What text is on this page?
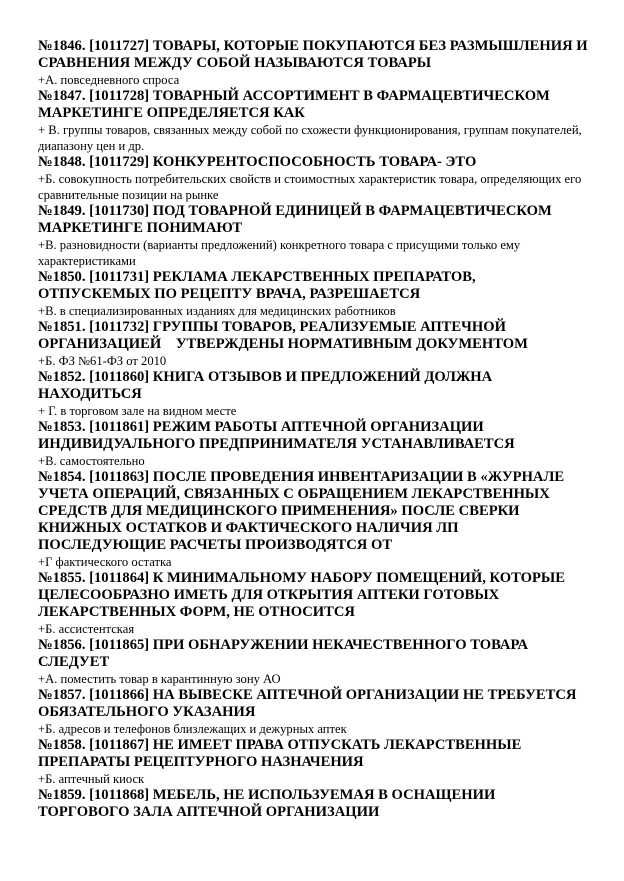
№1846. [1011727] ТОВАРЫ, КОТОРЫЕ ПОКУПАЮТСЯ БЕЗ РАЗМЫШЛЕНИЯ И СРАВНЕНИЯ МЕЖДУ СОБОЙ НАЗЫВАЮТСЯ ТОВАРЫ

+А. повседневного спроса

№1847. [1011728] ТОВАРНЫЙ АССОРТИМЕНТ В ФАРМАЦЕВТИЧЕСКОМ МАРКЕТИНГЕ ОПРЕДЕЛЯЕТСЯ КАК

+ В. группы товаров, связанных между собой по схожести функционирования, группам покупателей, диапазону цен и др.

№1848. [1011729] КОНКУРЕНТОСПОСОБНОСТЬ ТОВАРА- ЭТО

+Б. совокупность потребительских свойств и стоимостных характеристик товара, определяющих его сравнительные позиции на рынке

№1849. [1011730] ПОД ТОВАРНОЙ ЕДИНИЦЕЙ В ФАРМАЦЕВТИЧЕСКОМ МАРКЕТИНГЕ ПОНИМАЮТ

+В. разновидности (варианты предложений) конкретного товара с присущими только ему характеристиками

№1850. [1011731] РЕКЛАМА ЛЕКАРСТВЕННЫХ ПРЕПАРАТОВ, ОТПУСКЕМЫХ ПО РЕЦЕПТУ ВРАЧА, РАЗРЕШАЕТСЯ

+В. в специализированных изданиях для медицинских работников

№1851. [1011732] ГРУППЫ ТОВАРОВ, РЕАЛИЗУЕМЫЕ АПТЕЧНОЙ ОРГАНИЗАЦИЕЙ    УТВЕРЖДЕНЫ НОРМАТИВНЫМ ДОКУМЕНТОМ

+Б. ФЗ №61-ФЗ от 2010

№1852. [1011860] КНИГА ОТЗЫВОВ И ПРЕДЛОЖЕНИЙ ДОЛЖНА НАХОДИТЬСЯ

+ Г. в торговом зале на видном месте

№1853. [1011861] РЕЖИМ РАБОТЫ АПТЕЧНОЙ ОРГАНИЗАЦИИ ИНДИВИДУАЛЬНОГО ПРЕДПРИНИМАТЕЛЯ УСТАНАВЛИВАЕТСЯ

+В. самостоятельно

№1854. [1011863] ПОСЛЕ ПРОВЕДЕНИЯ ИНВЕНТАРИЗАЦИИ В «ЖУРНАЛЕ УЧЕТА ОПЕРАЦИЙ, СВЯЗАННЫХ С ОБРАЩЕНИЕМ ЛЕКАРСТВЕННЫХ СРЕДСТВ ДЛЯ МЕДИЦИНСКОГО ПРИМЕНЕНИЯ» ПОСЛЕ СВЕРКИ КНИЖНЫХ ОСТАТКОВ И ФАКТИЧЕСКОГО НАЛИЧИЯ ЛП ПОСЛЕДУЮЩИЕ РАСЧЕТЫ ПРОИЗВОДЯТСЯ ОТ

+Г фактического остатка

№1855. [1011864] К МИНИМАЛЬНОМУ НАБОРУ ПОМЕЩЕНИЙ, КОТОРЫЕ ЦЕЛЕСООБРАЗНО ИМЕТЬ ДЛЯ ОТКРЫТИЯ АПТЕКИ ГОТОВЫХ ЛЕКАРСТВЕННЫХ ФОРМ, НЕ ОТНОСИТСЯ

+Б. ассистентская

№1856. [1011865] ПРИ ОБНАРУЖЕНИИ НЕКАЧЕСТВЕННОГО ТОВАРА СЛЕДУЕТ

+А. поместить товар в карантинную зону АО

№1857. [1011866] НА ВЫВЕСКЕ АПТЕЧНОЙ ОРГАНИЗАЦИИ НЕ ТРЕБУЕТСЯ ОБЯЗАТЕЛЬНОГО УКАЗАНИЯ

+Б. адресов и телефонов близлежащих и дежурных аптек

№1858. [1011867] НЕ ИМЕЕТ ПРАВА ОТПУСКАТЬ ЛЕКАРСТВЕННЫЕ ПРЕПАРАТЫ РЕЦЕПТУРНОГО НАЗНАЧЕНИЯ

+Б. аптечный киоск

№1859. [1011868] МЕБЕЛЬ, НЕ ИСПОЛЬЗУЕМАЯ В ОСНАЩЕНИИ ТОРГОВОГО ЗАЛА АПТЕЧНОЙ ОРГАНИЗАЦИИ
